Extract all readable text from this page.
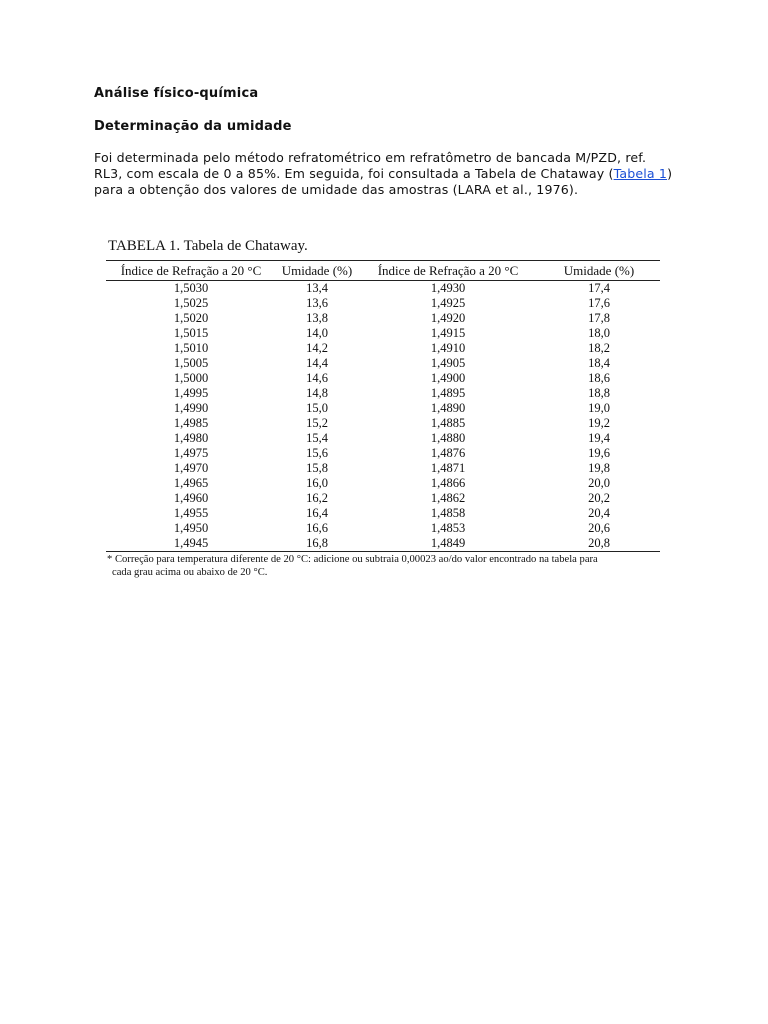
Análise físico-química
Determinação da umidade
Foi determinada pelo método refratométrico em refratômetro de bancada M/PZD, ref. RL3, com escala de 0 a 85%. Em seguida, foi consultada a Tabela de Chataway (Tabela 1) para a obtenção dos valores de umidade das amostras (LARA et al., 1976).
TABELA 1. Tabela de Chataway.
Índice de Refração a 20 °C	Umidade (%)	Índice de Refração a 20 °C	Umidade (%)
1,5030	13,4	1,4930	17,4
1,5025	13,6	1,4925	17,6
1,5020	13,8	1,4920	17,8
1,5015	14,0	1,4915	18,0
1,5010	14,2	1,4910	18,2
1,5005	14,4	1,4905	18,4
1,5000	14,6	1,4900	18,6
1,4995	14,8	1,4895	18,8
1,4990	15,0	1,4890	19,0
1,4985	15,2	1,4885	19,2
1,4980	15,4	1,4880	19,4
1,4975	15,6	1,4876	19,6
1,4970	15,8	1,4871	19,8
1,4965	16,0	1,4866	20,0
1,4960	16,2	1,4862	20,2
1,4955	16,4	1,4858	20,4
1,4950	16,6	1,4853	20,6
1,4945	16,8	1,4849	20,8
* Correção para temperatura diferente de 20 °C: adicione ou subtraia 0,00023 ao/do valor encontrado na tabela para
cada grau acima ou abaixo de 20 °C.
